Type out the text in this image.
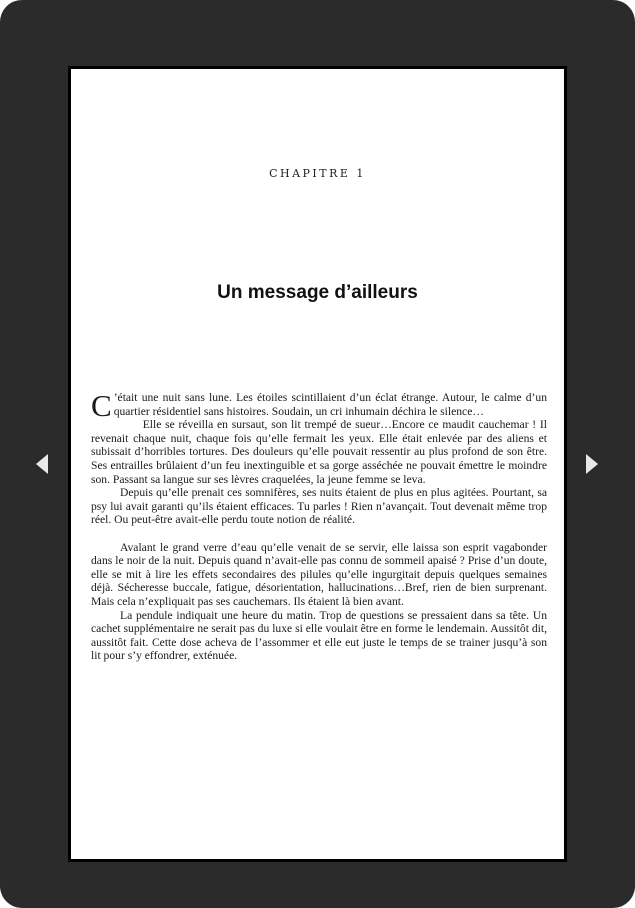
CHAPITRE 1
Un message d’ailleurs

C ’était une nuit sans lune. Les étoiles scintillaient d’un éclat étrange. Autour, le calme d’un quartier résidentiel sans histoires. Soudain, un cri inhumain déchira le silence…

Elle se réveilla en sursaut, son lit trempé de sueur…Encore ce maudit cauchemar ! Il revenait chaque nuit, chaque fois qu’elle fermait les yeux. Elle était enlevée par des aliens et subissait d’horribles tortures. Des douleurs qu’elle pouvait ressentir au plus profond de son être. Ses entrailles brûlaient d’un feu inextinguible et sa gorge asséchée ne pouvait émettre le moindre son. Passant sa langue sur ses lèvres craquelées, la jeune femme se leva.

Depuis qu’elle prenait ces somnifères, ses nuits étaient de plus en plus agitées. Pourtant, sa psy lui avait garanti qu’ils étaient efficaces. Tu parles ! Rien n’avançait. Tout devenait même trop réel. Ou peut-être avait-elle perdu toute notion de réalité.

Avalant le grand verre d’eau qu’elle venait de se servir, elle laissa son esprit vagabonder dans le noir de la nuit. Depuis quand n’avait-elle pas connu de sommeil apaisé ? Prise d’un doute, elle se mit à lire les effets secondaires des pilules qu’elle ingurgitait depuis quelques semaines déjà. Sécheresse buccale, fatigue, désorientation, hallucinations…Bref, rien de bien surprenant. Mais cela n’expliquait pas ses cauchemars. Ils étaient là bien avant.

La pendule indiquait une heure du matin. Trop de questions se pressaient dans sa tête. Un cachet supplémentaire ne serait pas du luxe si elle voulait être en forme le lendemain. Aussitôt dit, aussitôt fait. Cette dose acheva de l’assommer et elle eut juste le temps de se trainer jusqu’à son lit pour s’y effondrer, exténuée.
